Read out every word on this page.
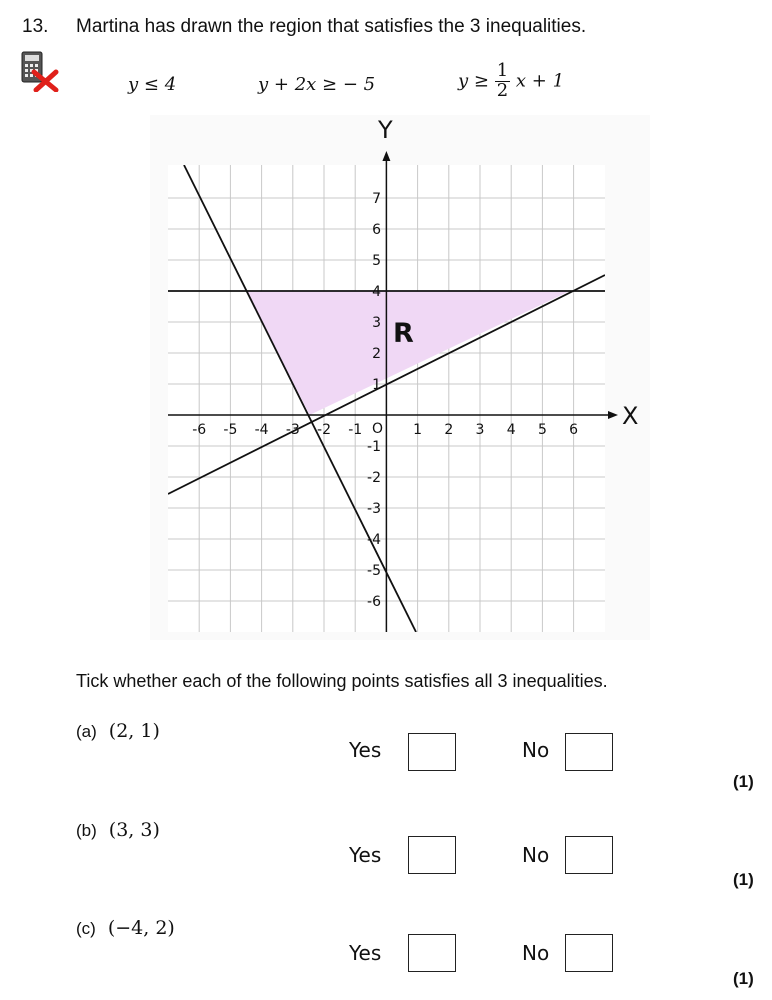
13. Martina has drawn the region that satisfies the 3 inequalities.
y ≤ 4	y + 2x ≥ − 5	$y \ge \frac{1}{2}$ x + 1
Y
X
R
O
-6 -5 -4 -3 -2 -1	1 2 3 4 5 6
7
6
5
4
3
2
1
-1
-2
-3
-4
-5
-6
Tick whether each of the following points satisfies all 3 inequalities.
(a) (2, 1)
Yes	No
(1)
(b) (3, 3)
Yes	No
(1)
(c) (−4, 2)
Yes	No
(1)
